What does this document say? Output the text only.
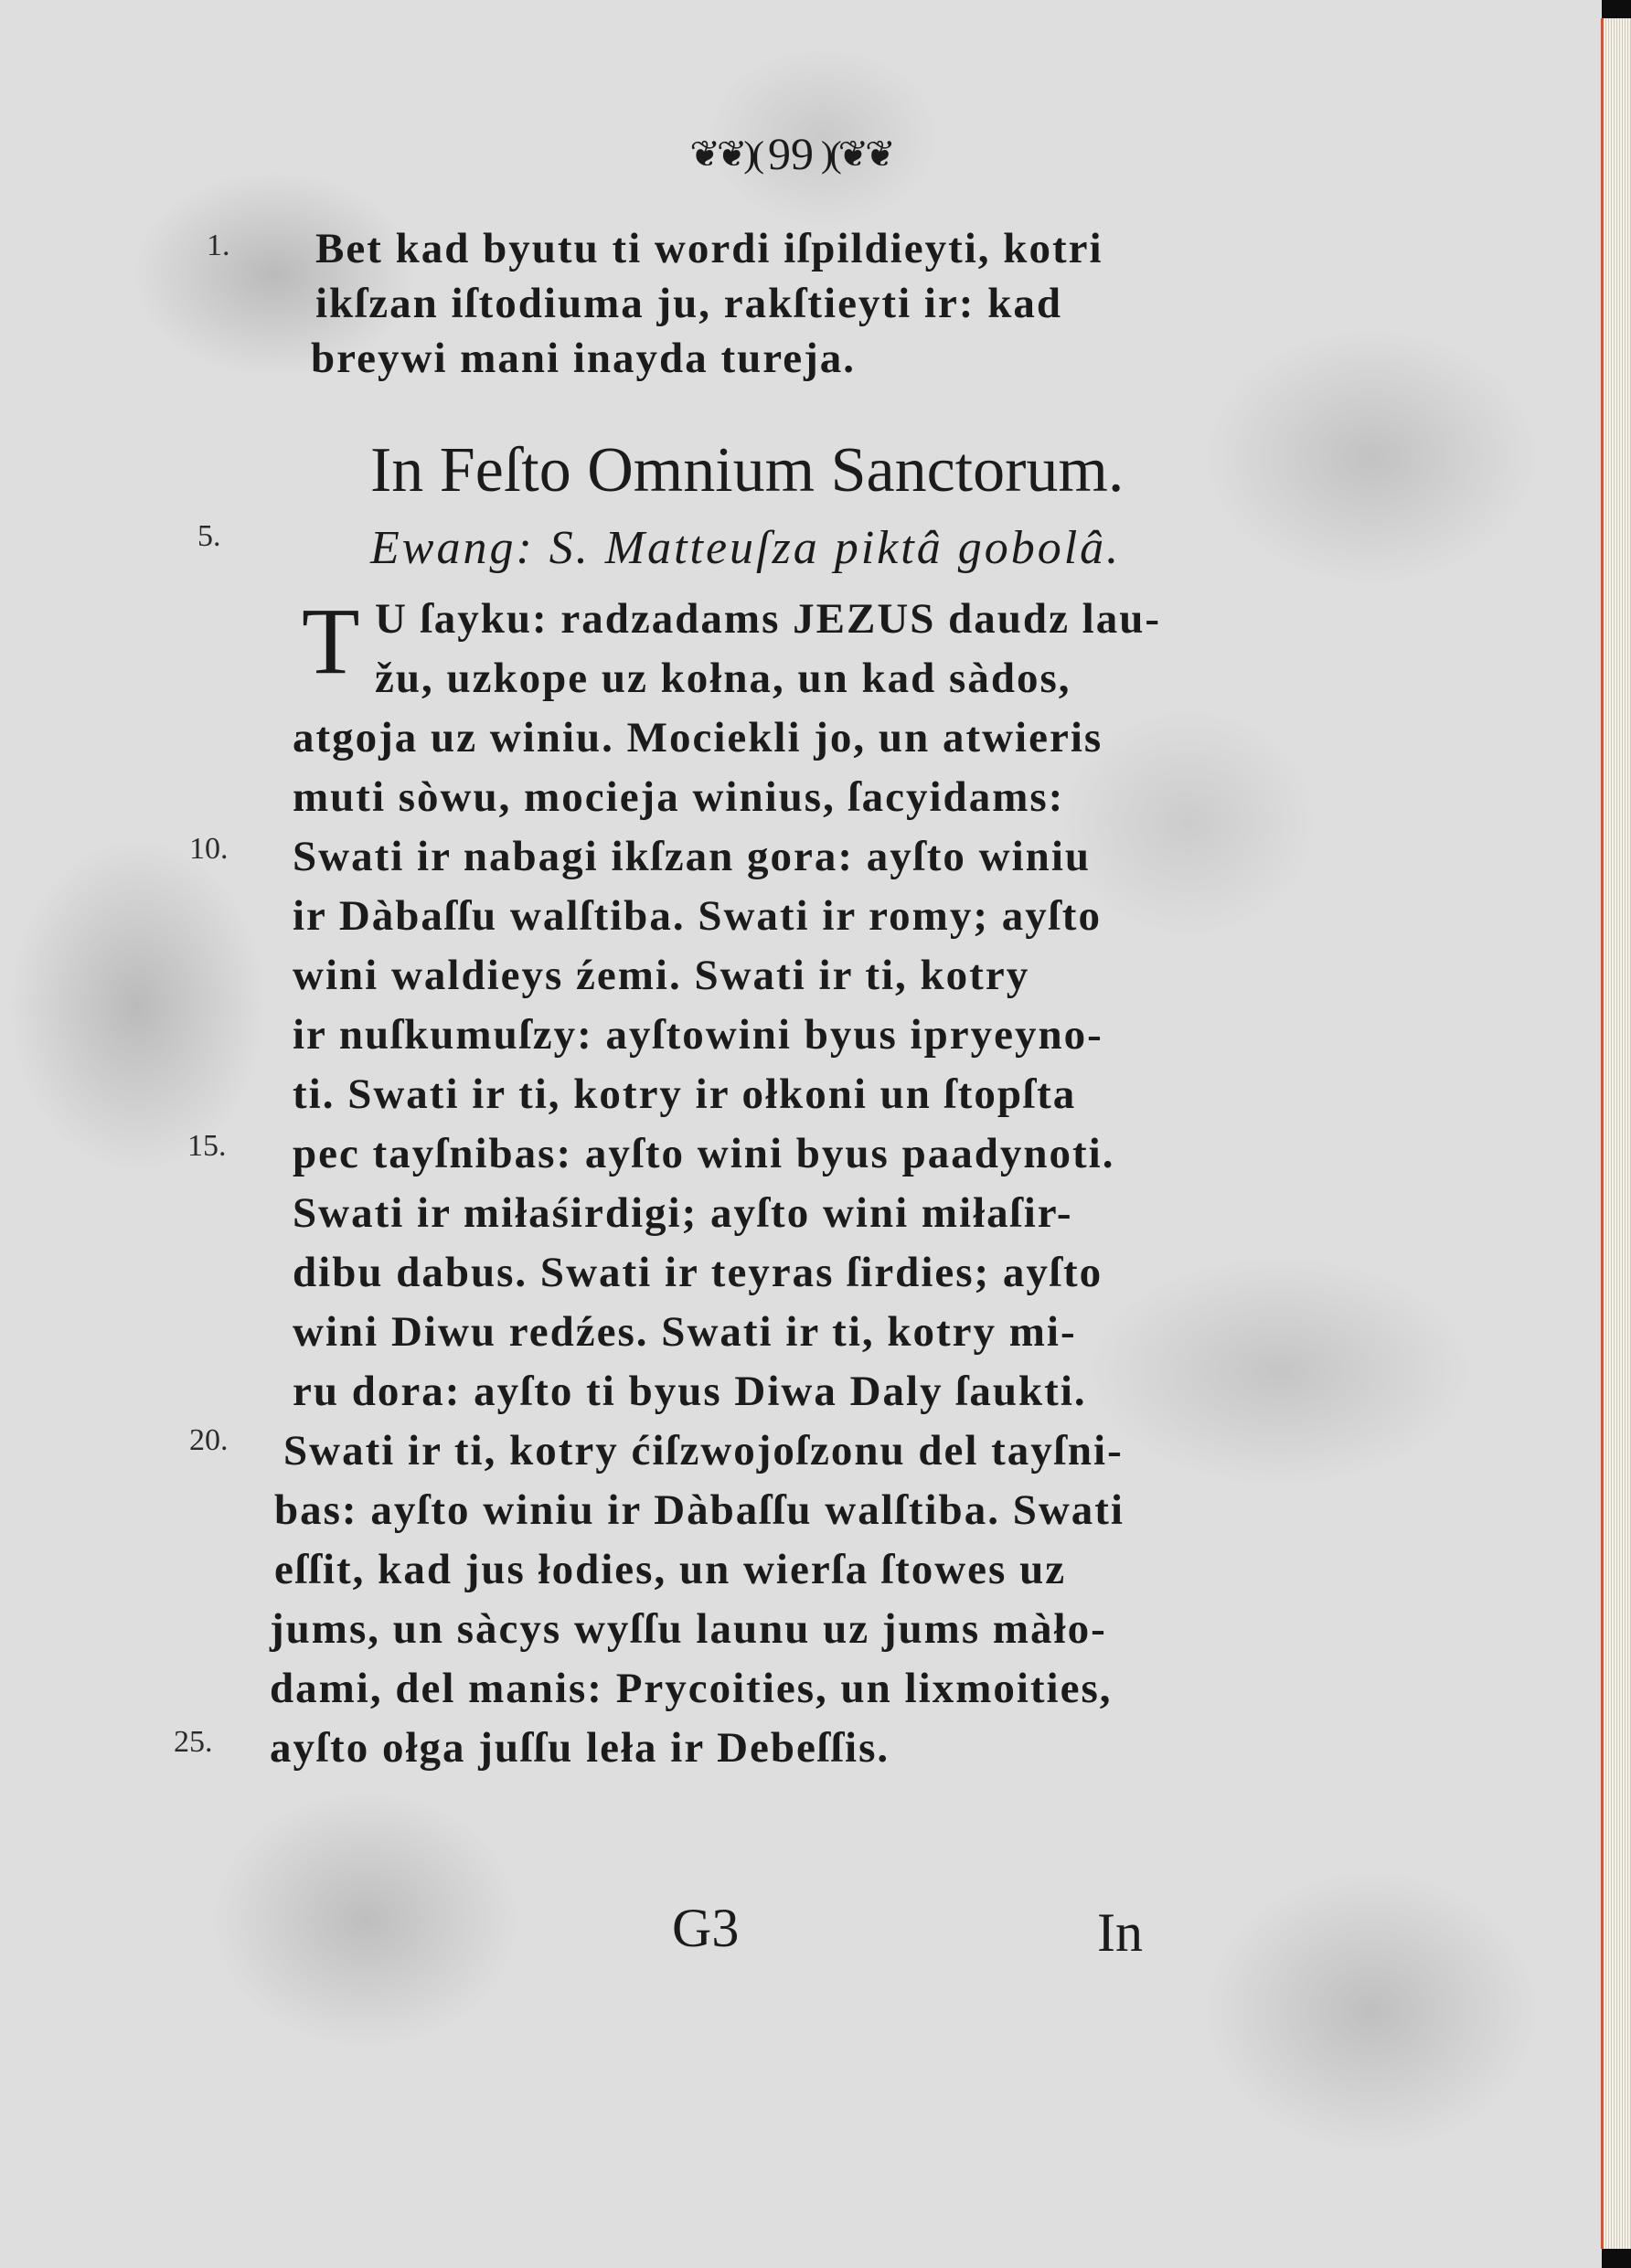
❦❦)( 99 )(❦❦
1.
5.
10.
15.
20.
25.
Bet kad byutu ti wordi iſpildieyti, kotri
ikſzan iſtodiuma ju, rakſtieyti ir: kad
breywi mani inayda tureja.
In Feſto Omnium Sanctorum.
Ewang: S. Matteuſza piktâ gobolâ.
T U ſayku: radzadams JEZUS daudz lau-
žu, uzkope uz kołna, un kad sàdos,
atgoja uz winiu. Mociekli jo, un atwieris
muti sòwu, mocieja winius, ſacyidams:
Swati ir nabagi ikſzan gora: ayſto winiu
ir Dàbaſſu walſtiba. Swati ir romy; ayſto
wini waldieys źemi. Swati ir ti, kotry
ir nuſkumuſzy: ayſtowini byus ipryeyno-
ti. Swati ir ti, kotry ir ołkoni un ſtopſta
pec tayſnibas: ayſto wini byus paadynoti.
Swati ir miłaśirdigi; ayſto wini miłaſir-
dibu dabus. Swati ir teyras ſirdies; ayſto
wini Diwu redźes. Swati ir ti, kotry mi-
ru dora: ayſto ti byus Diwa Daly ſaukti.
Swati ir ti, kotry ćiſzwojoſzonu del tayſni-
bas: ayſto winiu ir Dàbaſſu walſtiba. Swati
eſſit, kad jus łodies, un wierſa ſtowes uz
jums, un sàcys wyſſu launu uz jums màło-
dami, del manis: Prycoities, un lixmoities,
ayſto ołga juſſu leła ir Debeſſis.
G3	In
